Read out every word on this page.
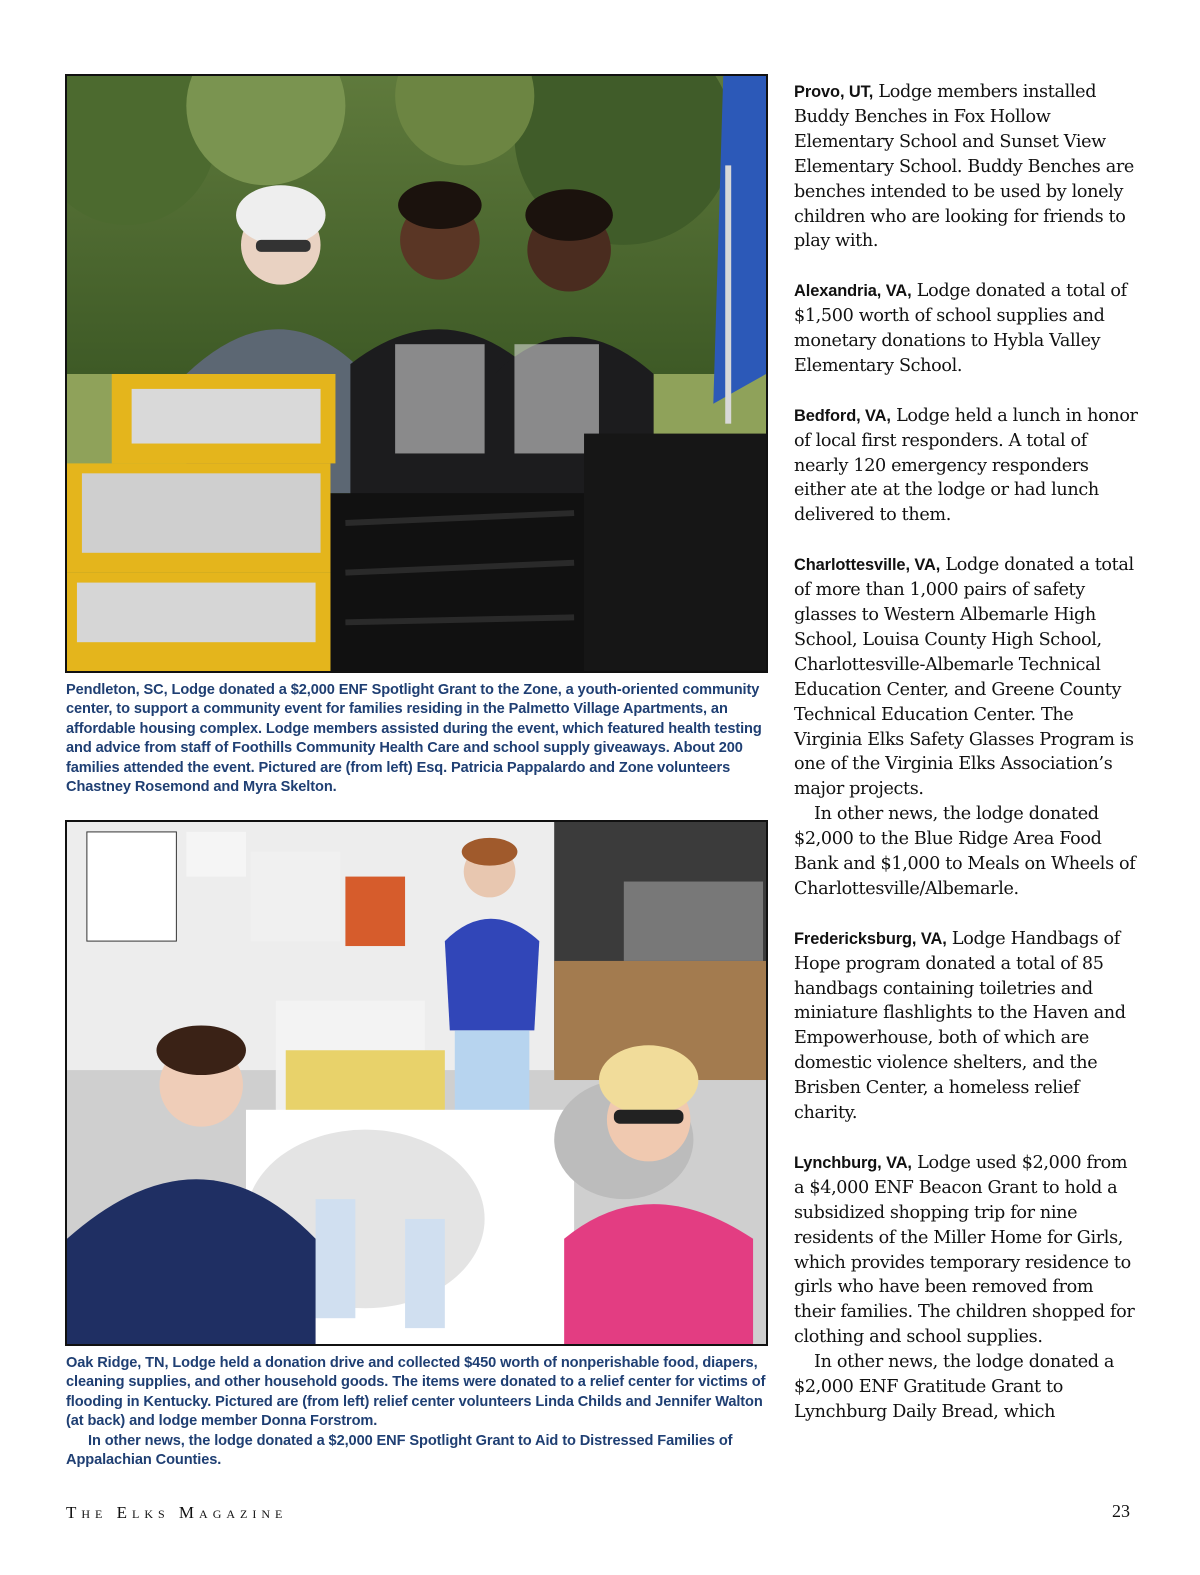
Pendleton, SC, Lodge donated a $2,000 ENF Spotlight Grant to the Zone, a youth-oriented community center, to support a community event for families residing in the Palmetto Village Apartments, an affordable housing complex. Lodge members assisted during the event, which featured health testing and advice from staff of Foothills Community Health Care and school supply giveaways. About 200 families attended the event. Pictured are (from left) Esq. Patricia Pappalardo and Zone volunteers Chastney Rosemond and Myra Skelton.

Oak Ridge, TN, Lodge held a donation drive and collected $450 worth of nonperishable food, diapers, cleaning supplies, and other household goods. The items were donated to a relief center for victims of flooding in Kentucky. Pictured are (from left) relief center volunteers Linda Childs and Jennifer Walton (at back) and lodge member Donna Forstrom.

In other news, the lodge donated a $2,000 ENF Spotlight Grant to Aid to Distressed Families of Appalachian Counties.

Provo, UT, Lodge members installed Buddy Benches in Fox Hollow Elementary School and Sunset View Elementary School. Buddy Benches are benches intended to be used by lonely children who are looking for friends to play with.

Alexandria, VA, Lodge donated a total of $1,500 worth of school supplies and monetary donations to Hybla Valley Elementary School.

Bedford, VA, Lodge held a lunch in honor of local first responders. A total of nearly 120 emergency responders either ate at the lodge or had lunch delivered to them.

Charlottesville, VA, Lodge donated a total of more than 1,000 pairs of safety glasses to Western Albemarle High School, Louisa County High School, Charlottesville-Albemarle Technical Education Center, and Greene County Technical Education Center. The Virginia Elks Safety Glasses Program is one of the Virginia Elks Association’s major projects.

In other news, the lodge donated $2,000 to the Blue Ridge Area Food Bank and $1,000 to Meals on Wheels of Charlottesville/Albemarle.

Fredericksburg, VA, Lodge Handbags of Hope program donated a total of 85 handbags containing toiletries and miniature flashlights to the Haven and Empowerhouse, both of which are domestic violence shelters, and the Brisben Center, a homeless relief charity.

Lynchburg, VA, Lodge used $2,000 from a $4,000 ENF Beacon Grant to hold a subsidized shopping trip for nine residents of the Miller Home for Girls, which provides temporary residence to girls who have been removed from their families. The children shopped for clothing and school supplies.

In other news, the lodge donated a $2,000 ENF Gratitude Grant to Lynchburg Daily Bread, which

The Elks Magazine	23
